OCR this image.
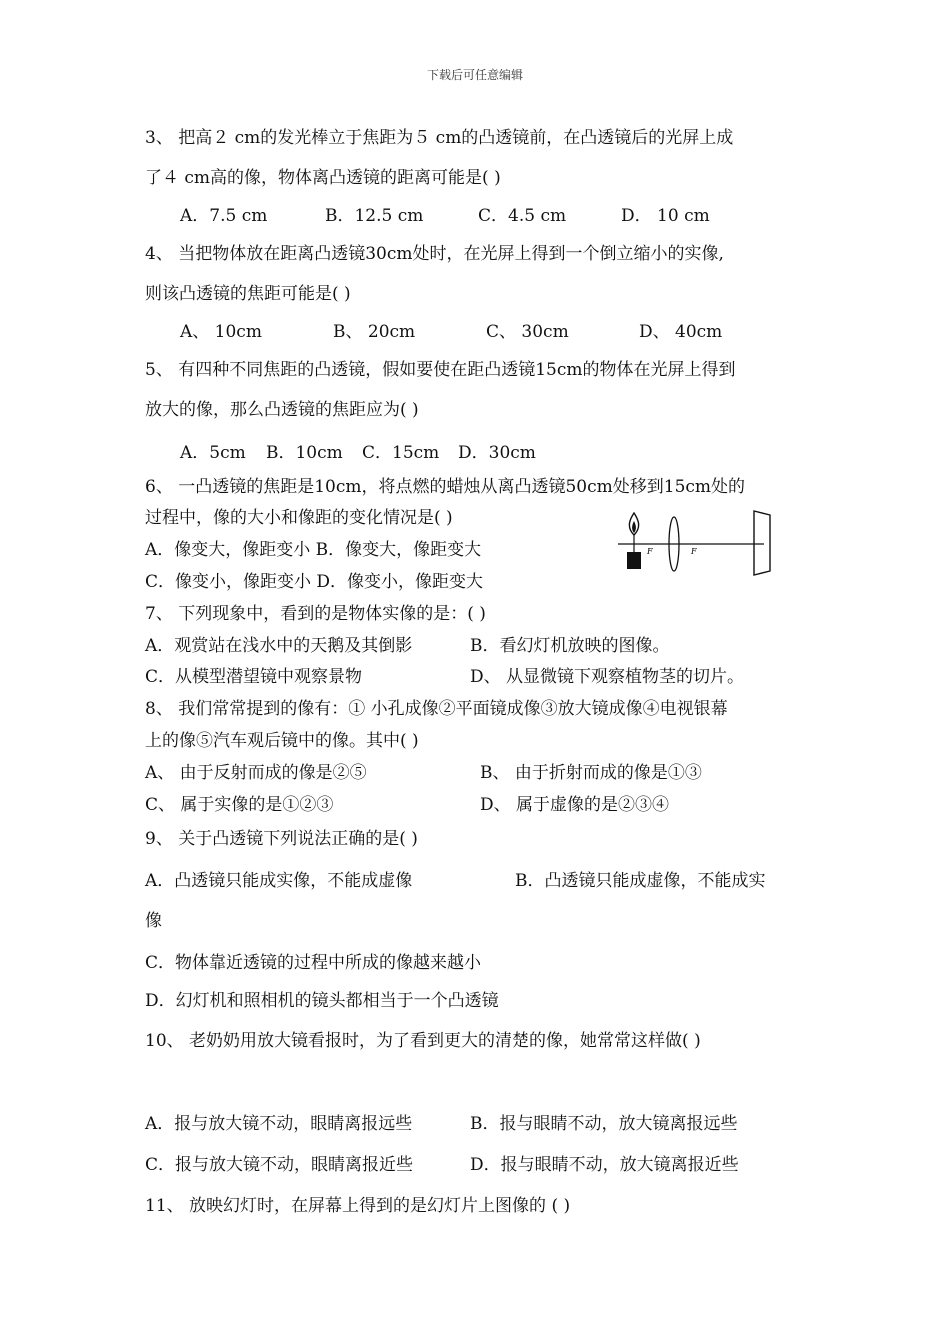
下载后可任意编辑
3、 把高２ cm的发光棒立于焦距为５ cm的凸透镜前，在凸透镜后的光屏上成
了４ cm高的像，物体离凸透镜的距离可能是( )
A．7.5 cm	B．12.5 cm	C．4.5 cm	D． 10 cm
4、 当把物体放在距离凸透镜30cm处时，在光屏上得到一个倒立缩小的实像,
则该凸透镜的焦距可能是( )
A、 10cm	B、 20cm	C、 30cm	D、 40cm
5、 有四种不同焦距的凸透镜，假如要使在距凸透镜15cm的物体在光屏上得到
放大的像，那么凸透镜的焦距应为( )
A．5cm B．10cm C．15cm D．30cm
6、 一凸透镜的焦距是10cm，将点燃的蜡烛从离凸透镜50cm处移到15cm处的
过程中，像的大小和像距的变化情况是( )
A．像变大，像距变小 B．像变大，像距变大
C．像变小，像距变小 D．像变小，像距变大
F	F
7、 下列现象中，看到的是物体实像的是：( )
A．观赏站在浅水中的天鹅及其倒影	B．看幻灯机放映的图像。
C．从模型潜望镜中观察景物	D、 从显微镜下观察植物茎的切片。
8、 我们常常提到的像有：① 小孔成像②平面镜成像③放大镜成像④电视银幕
上的像⑤汽车观后镜中的像。其中( )
A、 由于反射而成的像是②⑤	B、 由于折射而成的像是①③
C、 属于实像的是①②③	D、 属于虚像的是②③④
9、 关于凸透镜下列说法正确的是( )
A．凸透镜只能成实像，不能成虚像	B．凸透镜只能成虚像，不能成实
像
C．物体靠近透镜的过程中所成的像越来越小
D．幻灯机和照相机的镜头都相当于一个凸透镜
10、 老奶奶用放大镜看报时，为了看到更大的清楚的像，她常常这样做( )
A．报与放大镜不动，眼睛离报远些	B．报与眼睛不动，放大镜离报远些
C．报与放大镜不动，眼睛离报近些	D．报与眼睛不动，放大镜离报近些
11、 放映幻灯时，在屏幕上得到的是幻灯片上图像的 ( )
